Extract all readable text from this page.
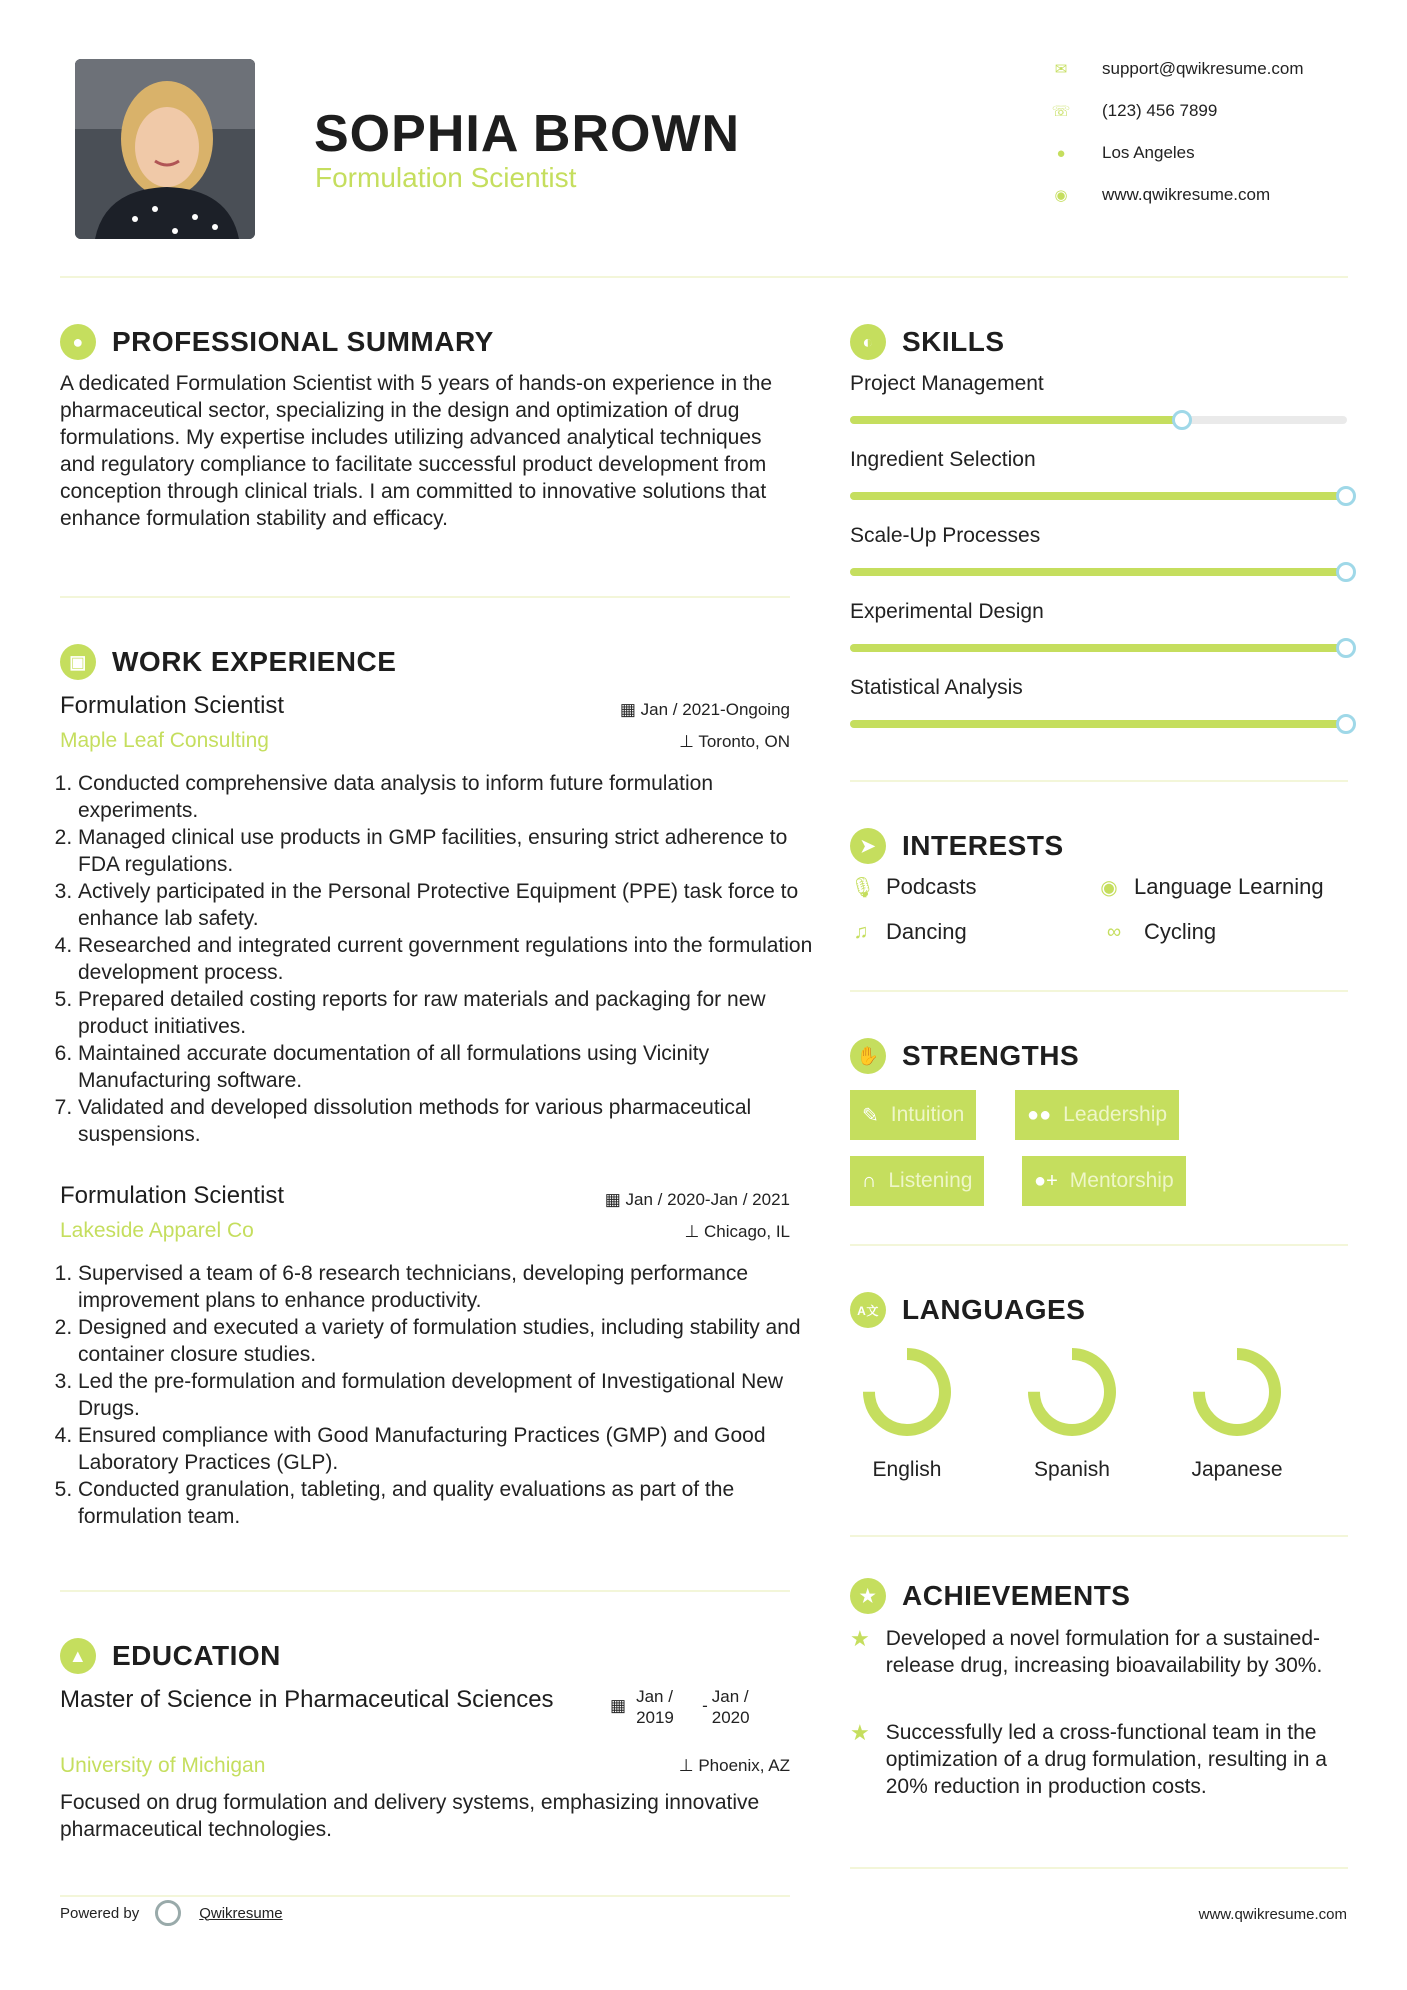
SOPHIA BROWN
Formulation Scientist
✉ support@qwikresume.com
☏ (123) 456 7899
●	Los Angeles
◉ www.qwikresume.com
●	PROFESSIONAL SUMMARY
A dedicated Formulation Scientist with 5 years of hands-on experience in the pharmaceutical sector, specializing in the design and optimization of drug formulations. My expertise includes utilizing advanced analytical techniques and regulatory compliance to facilitate successful product development from conception through clinical trials. I am committed to innovative solutions that enhance formulation stability and efficacy.
▣ WORK EXPERIENCE
Formulation Scientist	▦ Jan / 2021-Ongoing
Maple Leaf Consulting	⊥ Toronto, ON
1. Conducted comprehensive data analysis to inform future formulation experiments.
2. Managed clinical use products in GMP facilities, ensuring strict adherence to FDA regulations.
3. Actively participated in the Personal Protective Equipment (PPE) task force to enhance lab safety.
4. Researched and integrated current government regulations into the formulation development process.
5. Prepared detailed costing reports for raw materials and packaging for new product initiatives.
6. Maintained accurate documentation of all formulations using Vicinity Manufacturing software.
7. Validated and developed dissolution methods for various pharmaceutical suspensions.
Formulation Scientist	▦ Jan / 2020-Jan / 2021
Lakeside Apparel Co	⊥ Chicago, IL
1. Supervised a team of 6-8 research technicians, developing performance improvement plans to enhance productivity.
2. Designed and executed a variety of formulation studies, including stability and container closure studies.
3. Led the pre-formulation and formulation development of Investigational New Drugs.
4. Ensured compliance with Good Manufacturing Practices (GMP) and Good Laboratory Practices (GLP).
5. Conducted granulation, tableting, and quality evaluations as part of the formulation team.
▲ EDUCATION
Master of Science in Pharmaceutical Sciences	▦ Jan / 2019
- Jan / 2020
University of Michigan	⊥ Phoenix, AZ
Focused on drug formulation and delivery systems, emphasizing innovative pharmaceutical technologies.
◐	SKILLS
Project Management
Ingredient Selection
Scale-Up Processes
Experimental Design
Statistical Analysis
➤ INTERESTS
🎙 Podcasts	◉ Language Learning
♫ Dancing	∞	Cycling
✋ STRENGTHS
✎ Intuition	●● Leadership
∩ Listening	●+ Mentorship
A文 LANGUAGES
English	Spanish	Japanese
★ ACHIEVEMENTS
★ Developed a novel formulation for a sustained-release drug, increasing bioavailability by 30%.
★ Successfully led a cross-functional team in the optimization of a drug formulation, resulting in a 20% reduction in production costs.
Powered by	Qwikresume	www.qwikresume.com
